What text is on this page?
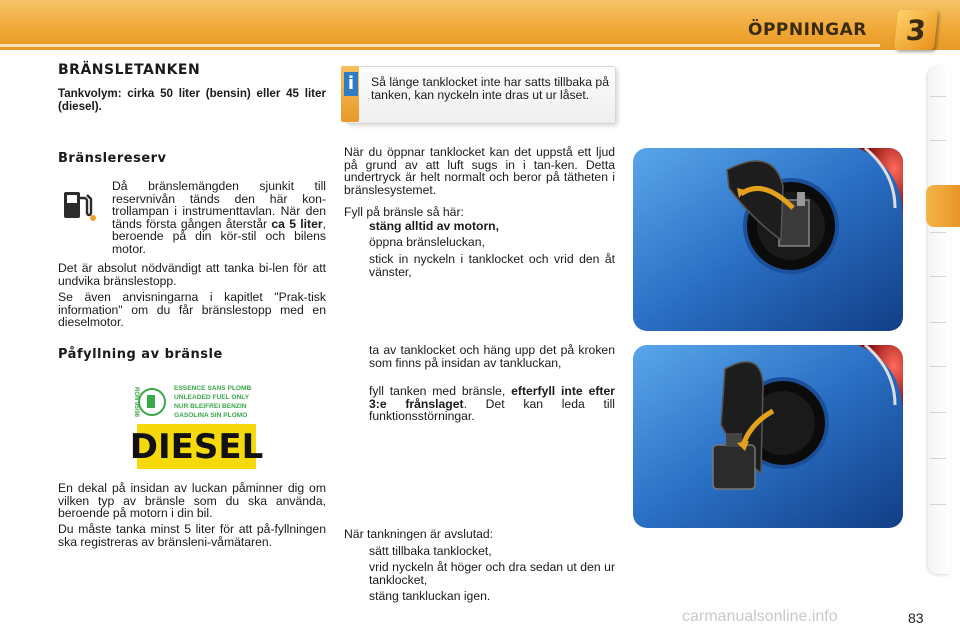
ÖPPNINGAR 3
BRÄNSLETANKEN
Tankvolym: cirka 50 liter (bensin) eller 45 liter (diesel).
Bränslereserv
Då bränslemängden sjunkit till reservnivån tänds den här kon-trollampan i instrumenttavlan. När den tänds första gången återstår ca 5 liter, beroende på din kör-stil och bilens motor.
Det är absolut nödvändigt att tanka bi-len för att undvika bränslestopp.
Se även anvisningarna i kapitlet "Prak-tisk information" om du får bränslestopp med en dieselmotor.
Påfyllning av bränsle
RON 95/98	ESSENCE SANS PLOMB
UNLEADED FUEL ONLY
NUR BLEIFREI BENZIN
GASOLINA SIN PLOMO
DIESEL
En dekal på insidan av luckan påminner dig om vilken typ av bränsle som du ska använda, beroende på motorn i din bil.
Du måste tanka minst 5 liter för att på-fyllningen ska registreras av bränsleni-våmätaren.
Så länge tanklocket inte har satts tillbaka på tanken, kan nyckeln inte dras ut ur låset.
i
När du öppnar tanklocket kan det uppstå ett ljud på grund av att luft sugs in i tan-ken. Detta undertryck är helt normalt och beror på tätheten i bränslesystemet.
Fyll på bränsle så här:
stäng alltid av motorn,
öppna bränsleluckan,
stick in nyckeln i tanklocket och vrid den åt vänster,
ta av tanklocket och häng upp det på kroken som finns på insidan av tankluckan,
fyll tanken med bränsle, efterfyll inte efter 3:e frånslaget. Det kan leda till funktionsstörningar.
När tankningen är avslutad:
sätt tillbaka tanklocket,
vrid nyckeln åt höger och dra sedan ut den ur tanklocket,
stäng tankluckan igen.
83
carmanualsonline.info
